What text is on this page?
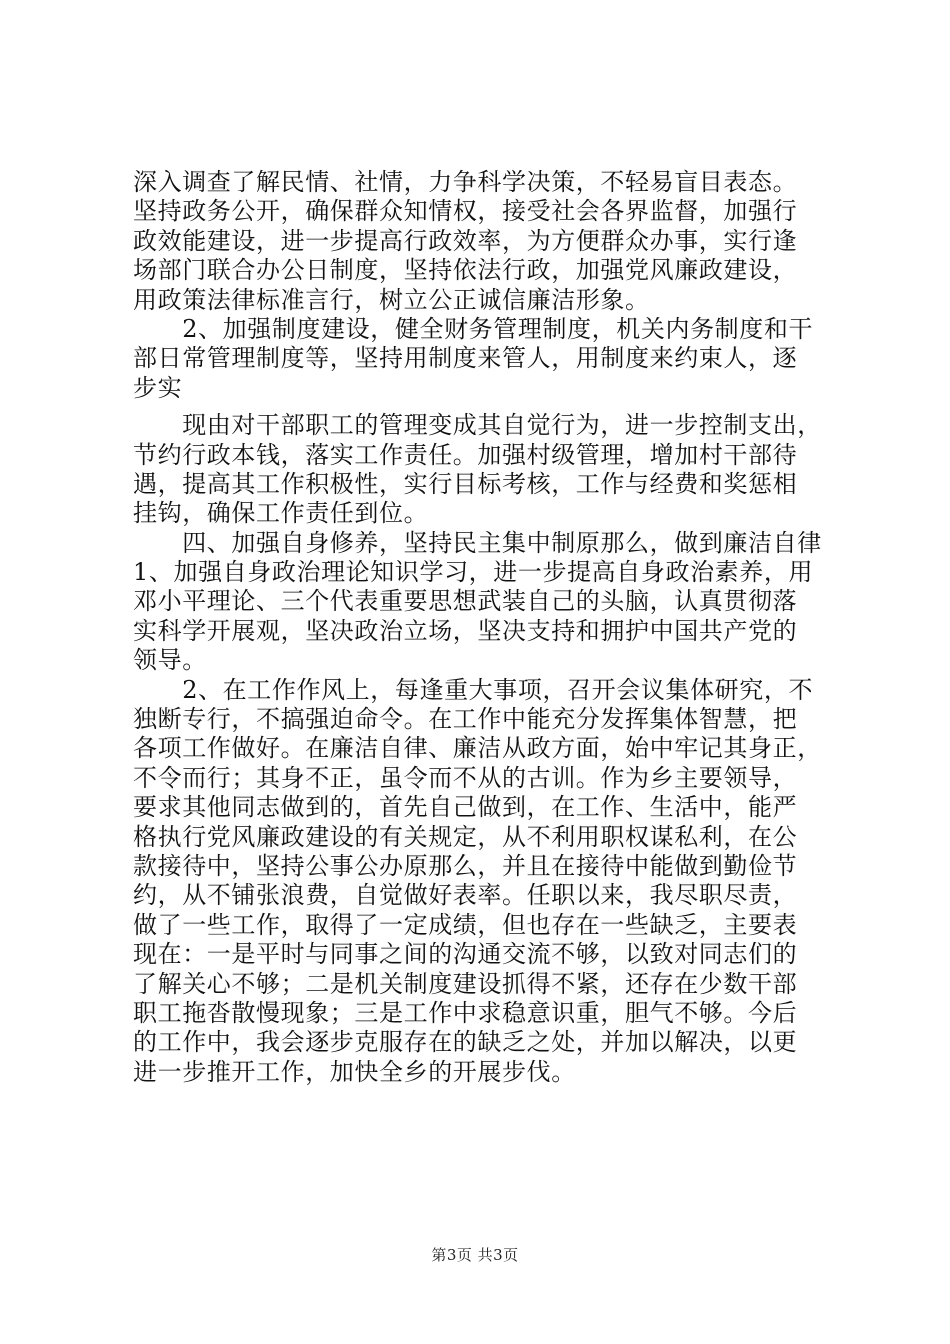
深入调查了解民情、社情，力争科学决策，不轻易盲目表态。
坚持政务公开，确保群众知情权，接受社会各界监督，加强行
政效能建设，进一步提高行政效率，为方便群众办事，实行逢
场部门联合办公日制度，坚持依法行政，加强党风廉政建设，
用政策法律标准言行，树立公正诚信廉洁形象。
　　2、加强制度建设，健全财务管理制度，机关内务制度和干
部日常管理制度等，坚持用制度来管人，用制度来约束人，逐
步实
　　现由对干部职工的管理变成其自觉行为，进一步控制支出，
节约行政本钱，落实工作责任。加强村级管理，增加村干部待
遇，提高其工作积极性，实行目标考核，工作与经费和奖惩相
挂钩，确保工作责任到位。
　　四、加强自身修养，坚持民主集中制原那么，做到廉洁自律
1、加强自身政治理论知识学习，进一步提高自身政治素养，用
邓小平理论、三个代表重要思想武装自己的头脑，认真贯彻落
实科学开展观，坚决政治立场，坚决支持和拥护中国共产党的
领导。
　　2、在工作作风上，每逢重大事项，召开会议集体研究，不
独断专行，不搞强迫命令。在工作中能充分发挥集体智慧，把
各项工作做好。在廉洁自律、廉洁从政方面，始中牢记其身正，
不令而行；其身不正，虽令而不从的古训。作为乡主要领导，
要求其他同志做到的，首先自己做到，在工作、生活中，能严
格执行党风廉政建设的有关规定，从不利用职权谋私利，在公
款接待中，坚持公事公办原那么，并且在接待中能做到勤俭节
约，从不铺张浪费，自觉做好表率。任职以来，我尽职尽责，
做了一些工作，取得了一定成绩，但也存在一些缺乏，主要表
现在：一是平时与同事之间的沟通交流不够，以致对同志们的
了解关心不够；二是机关制度建设抓得不紧，还存在少数干部
职工拖沓散慢现象；三是工作中求稳意识重，胆气不够。今后
的工作中，我会逐步克服存在的缺乏之处，并加以解决，以更
进一步推开工作，加快全乡的开展步伐。
第3页 共3页
